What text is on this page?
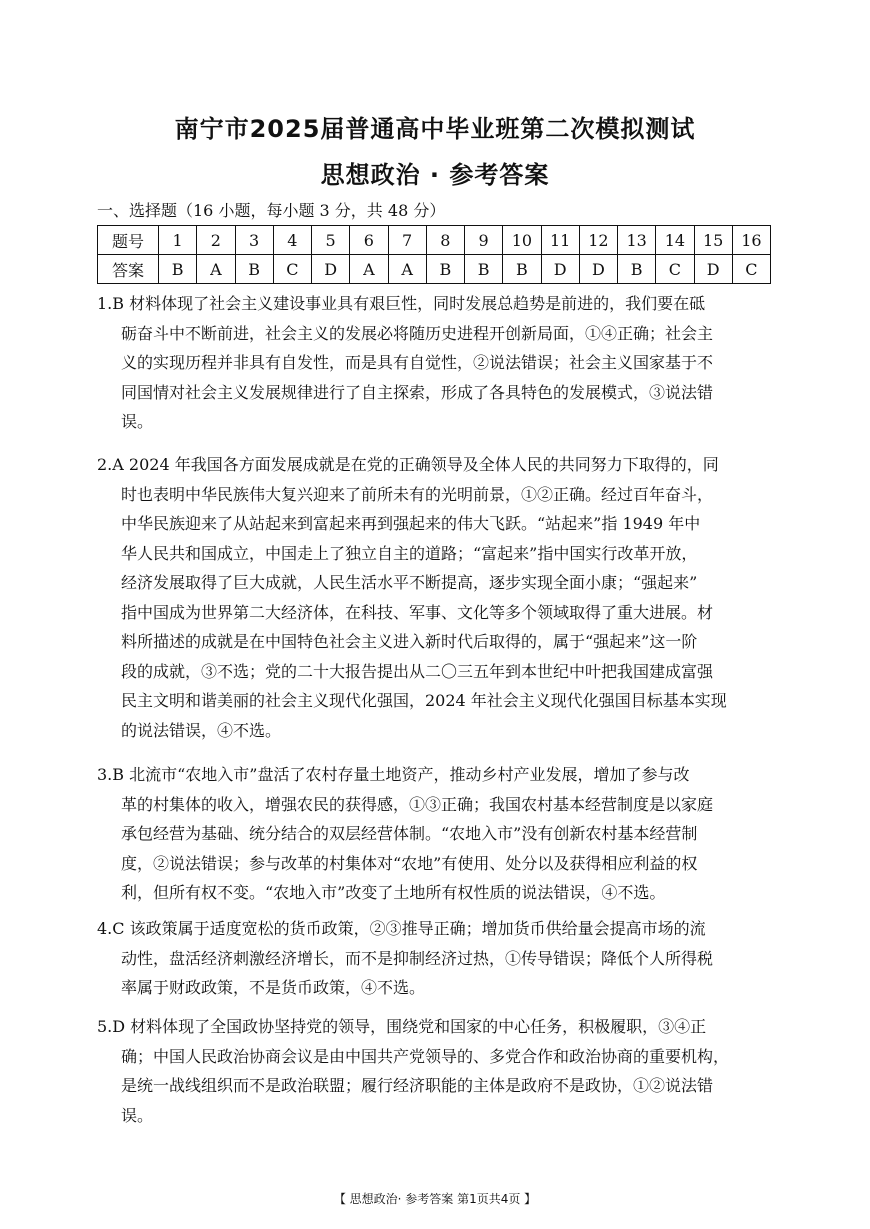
南宁市2025届普通高中毕业班第二次模拟测试
思想政治 · 参考答案
一、选择题（16 小题，每小题 3 分，共 48 分）
题号	1	2	3	4	5	6	7	8	9	10	11	12	13	14	15	16
答案	B	A	B	C	D	A	A	B	B	B	D	D	B	C	D	C
1.B 材料体现了社会主义建设事业具有艰巨性，同时发展总趋势是前进的，我们要在砥
砺奋斗中不断前进，社会主义的发展必将随历史进程开创新局面，①④正确；社会主
义的实现历程并非具有自发性，而是具有自觉性，②说法错误；社会主义国家基于不
同国情对社会主义发展规律进行了自主探索，形成了各具特色的发展模式，③说法错
误。
2.A 2024 年我国各方面发展成就是在党的正确领导及全体人民的共同努力下取得的，同
时也表明中华民族伟大复兴迎来了前所未有的光明前景，①②正确。经过百年奋斗，
中华民族迎来了从站起来到富起来再到强起来的伟大飞跃。“站起来”指 1949 年中
华人民共和国成立，中国走上了独立自主的道路；“富起来”指中国实行改革开放，
经济发展取得了巨大成就，人民生活水平不断提高，逐步实现全面小康；“强起来”
指中国成为世界第二大经济体，在科技、军事、文化等多个领域取得了重大进展。材
料所描述的成就是在中国特色社会主义进入新时代后取得的，属于“强起来”这一阶
段的成就，③不选；党的二十大报告提出从二〇三五年到本世纪中叶把我国建成富强
民主文明和谐美丽的社会主义现代化强国，2024 年社会主义现代化强国目标基本实现
的说法错误，④不选。
3.B 北流市“农地入市”盘活了农村存量土地资产，推动乡村产业发展，增加了参与改
革的村集体的收入，增强农民的获得感，①③正确；我国农村基本经营制度是以家庭
承包经营为基础、统分结合的双层经营体制。“农地入市”没有创新农村基本经营制
度，②说法错误；参与改革的村集体对“农地”有使用、处分以及获得相应利益的权
利，但所有权不变。“农地入市”改变了土地所有权性质的说法错误，④不选。
4.C 该政策属于适度宽松的货币政策，②③推导正确；增加货币供给量会提高市场的流
动性，盘活经济刺激经济增长，而不是抑制经济过热，①传导错误；降低个人所得税
率属于财政政策，不是货币政策，④不选。
5.D 材料体现了全国政协坚持党的领导，围绕党和国家的中心任务，积极履职，③④正
确；中国人民政治协商会议是由中国共产党领导的、多党合作和政治协商的重要机构，
是统一战线组织而不是政治联盟；履行经济职能的主体是政府不是政协，①②说法错
误。
【 思想政治· 参考答案 第1页共4页 】
